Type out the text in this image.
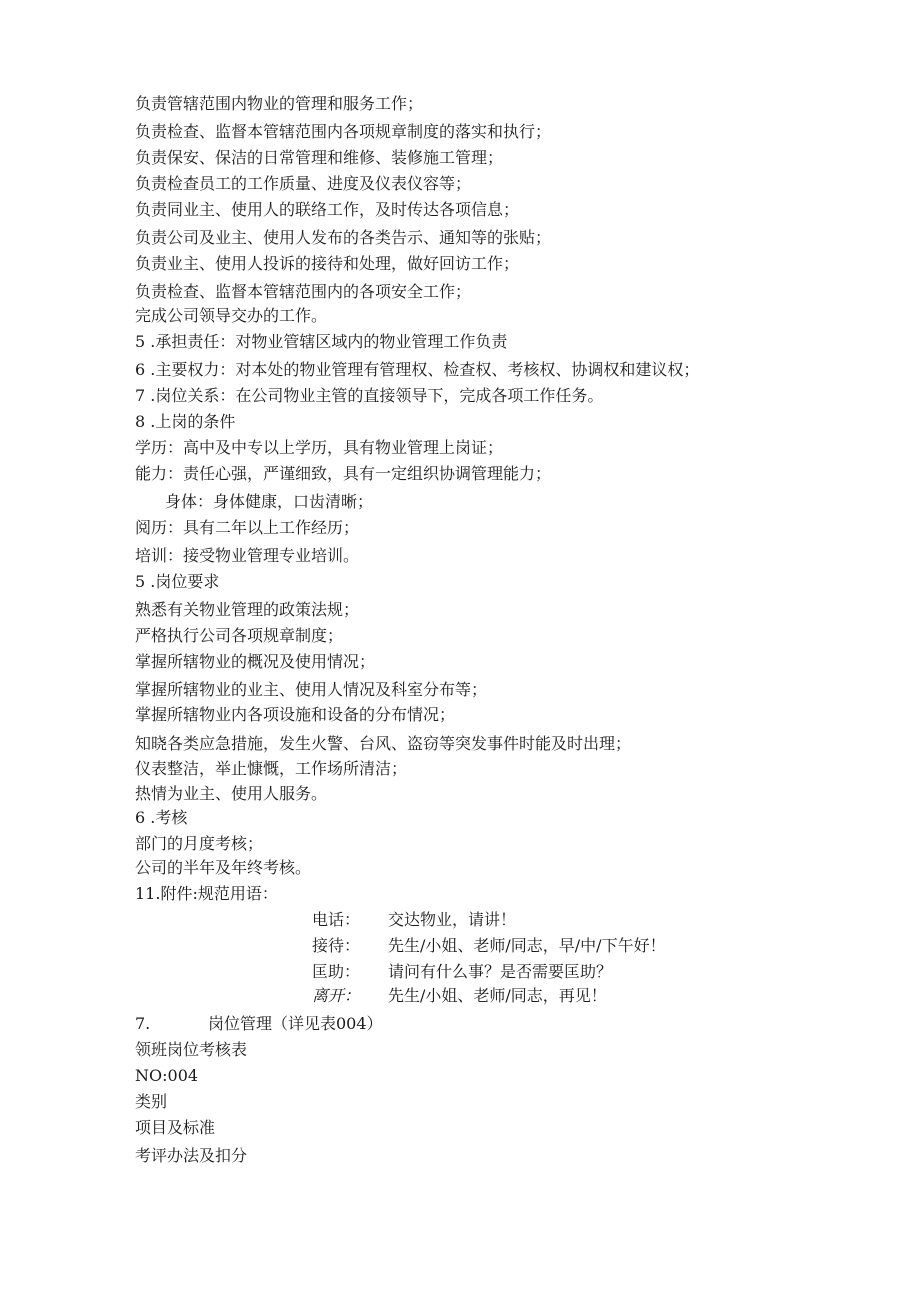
负责管辖范围内物业的管理和服务工作；
负责检查、监督本管辖范围内各项规章制度的落实和执行；
负责保安、保洁的日常管理和维修、装修施工管理；
负责检查员工的工作质量、进度及仪表仪容等；
负责同业主、使用人的联络工作，及时传达各项信息；
负责公司及业主、使用人发布的各类告示、通知等的张贴；
负责业主、使用人投诉的接待和处理，做好回访工作；
负责检查、监督本管辖范围内的各项安全工作；
完成公司领导交办的工作。
5 .承担责任：对物业管辖区域内的物业管理工作负责
6 .主要权力：对本处的物业管理有管理权、检查权、考核权、协调权和建议权；
7 .岗位关系：在公司物业主管的直接领导下，完成各项工作任务。
8 .上岗的条件
学历：高中及中专以上学历，具有物业管理上岗证；
能力：责任心强，严谨细致，具有一定组织协调管理能力；
身体：身体健康，口齿清晰；
阅历：具有二年以上工作经历；
培训：接受物业管理专业培训。
5 .岗位要求
熟悉有关物业管理的政策法规；
严格执行公司各项规章制度；
掌握所辖物业的概况及使用情况；
掌握所辖物业的业主、使用人情况及科室分布等；
掌握所辖物业内各项设施和设备的分布情况；
知晓各类应急措施，发生火警、台风、盗窃等突发事件时能及时出理；
仪表整洁，举止慷慨，工作场所清洁；
热情为业主、使用人服务。
6 .考核
部门的月度考核；
公司的半年及年终考核。
11.附件:规范用语：
电话： 交达物业，请讲！
接待： 先生/小姐、老师/同志，早/中/下午好！
匡助： 请问有什么事？是否需要匡助？
离开： 先生/小姐、老师/同志，再见！
7.	岗位管理（详见表004）
领班岗位考核表
NO:004
类别
项目及标准
考评办法及扣分
